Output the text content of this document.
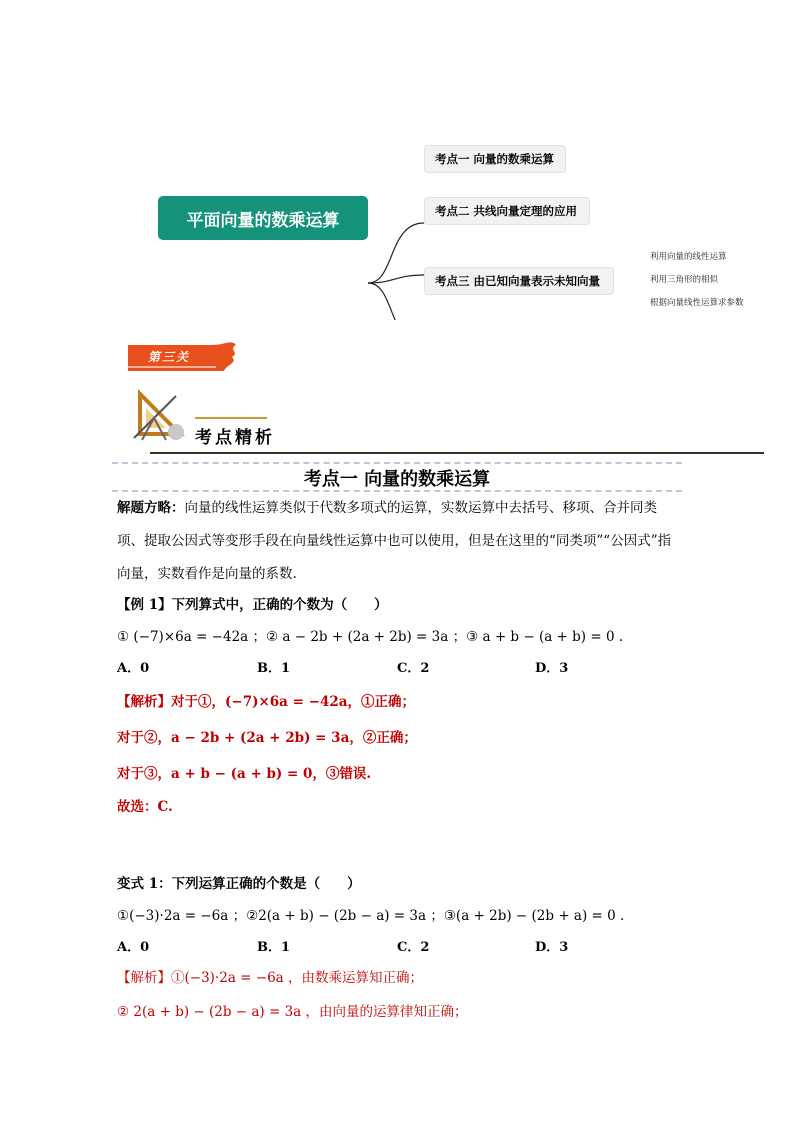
平面向量的数乘运算
考点一 向量的数乘运算
考点二 共线向量定理的应用
考点三 由已知向量表示未知向量
利用向量的线性运算
利用三角形的相似
根据向量线性运算求参数
第三关
考点精析
考点一 向量的数乘运算
解题方略：向量的线性运算类似于代数多项式的运算，实数运算中去括号、移项、合并同类项、提取公因式等变形手段在向量线性运算中也可以使用，但是在这里的“同类项”“公因式”指向量，实数看作是向量的系数.
【例 1】下列算式中，正确的个数为（　　）
① (−7)×6a = −42a ；② a − 2b + (2a + 2b) = 3a ；③ a + b − (a + b) = 0 .
A．0	B．1	C．2	D．3
【解析】对于①，(−7)×6a = −42a，①正确；
对于②，a − 2b + (2a + 2b) = 3a，②正确；
对于③，a + b − (a + b) = 0，③错误.
故选：C.
变式 1：下列运算正确的个数是（　　）
①(−3)·2a = −6a ；②2(a + b) − (2b − a) = 3a ；③(a + 2b) − (2b + a) = 0 .
A．0	B．1	C．2	D．3
【解析】①(−3)·2a = −6a ，由数乘运算知正确；
② 2(a + b) − (2b − a) = 3a ，由向量的运算律知正确；
